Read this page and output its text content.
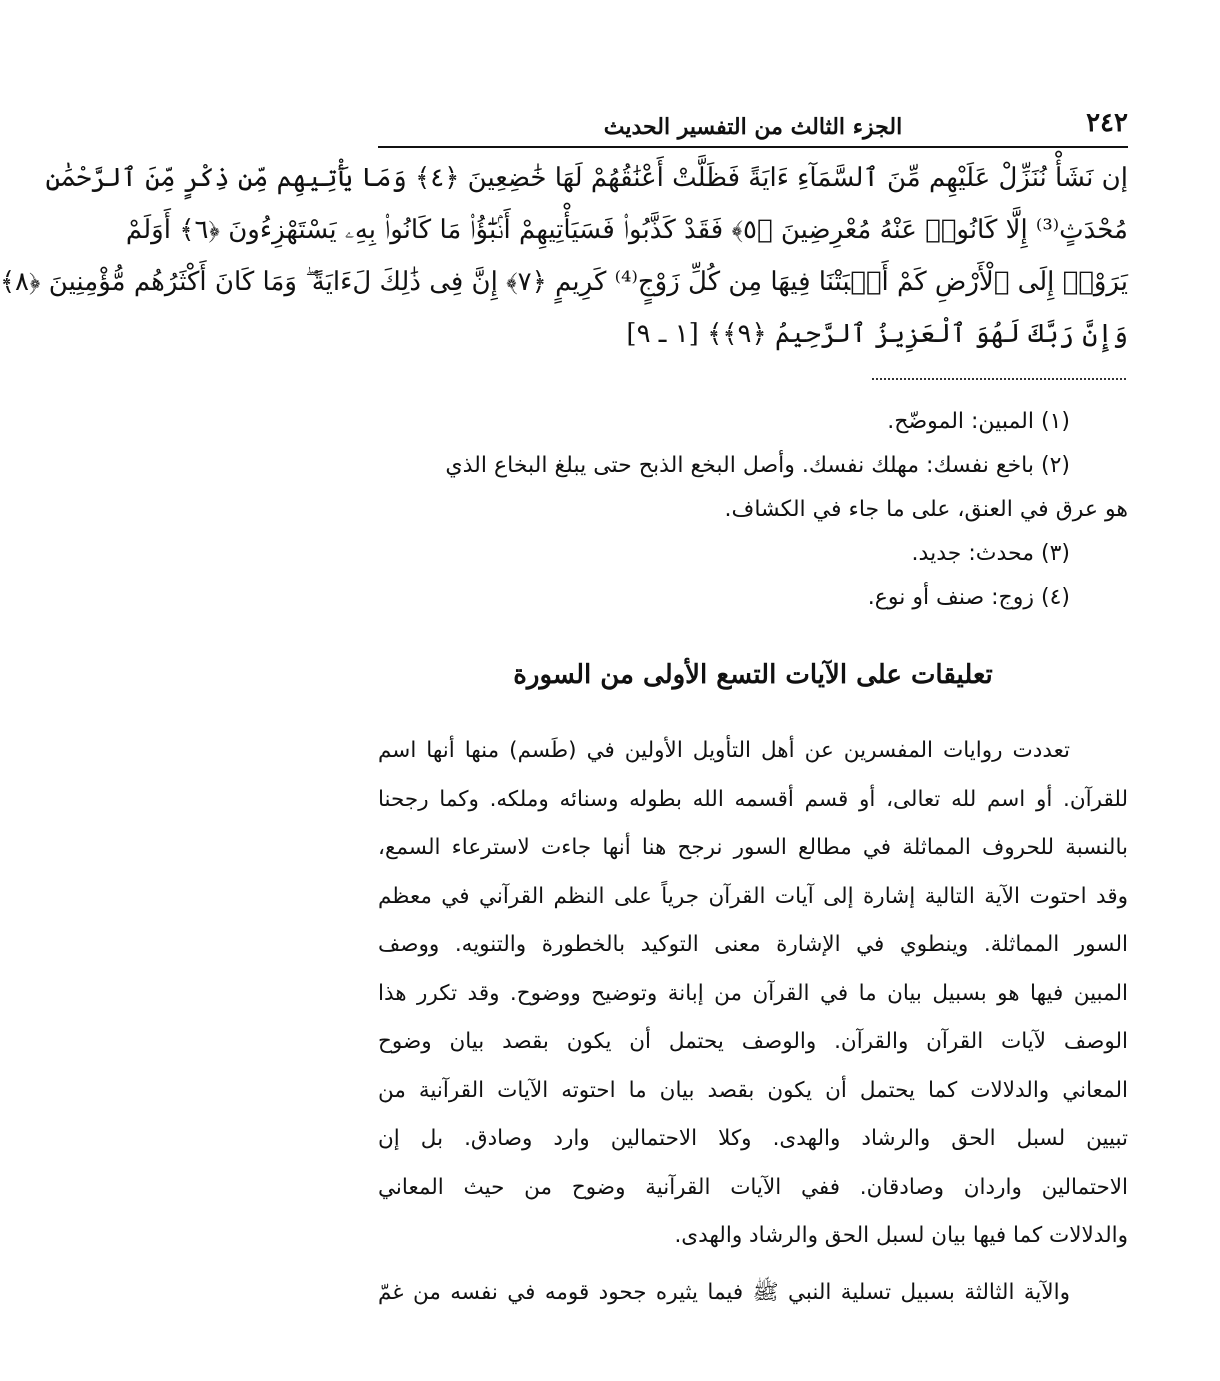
٢٤٢
الجزء الثالث من التفسير الحديث
إن نَشَأْ نُنَزِّلْ عَلَيْهِم مِّنَ ٱلسَّمَآءِ ءَايَةً فَظَلَّتْ أَعْنَٰقُهُمْ لَهَا خَٰضِعِينَ ﴿٤﴾ وَمَا يَأْتِيهِم مِّن ذِكْرٍ مِّنَ ٱلرَّحْمَٰنِ
مُحْدَثٍ⁽³⁾ إِلَّا كَانُوا۟ عَنْهُ مُعْرِضِينَ ﴿٥﴾ فَقَدْ كَذَّبُوا۟ فَسَيَأْتِيهِمْ أَنۢبَٰٓؤُا۟ مَا كَانُوا۟ بِهِۦ يَسْتَهْزِءُونَ ﴿٦﴾ أَوَلَمْ
يَرَوْا۟ إِلَى ٱلْأَرْضِ كَمْ أَنۢبَتْنَا فِيهَا مِن كُلِّ زَوْجٍ⁽⁴⁾ كَرِيمٍ ﴿٧﴾ إِنَّ فِى ذَٰلِكَ لَءَايَةً ۖ وَمَا كَانَ أَكْثَرُهُم مُّؤْمِنِينَ ﴿٨﴾
وَإِنَّ رَبَّكَ لَهُوَ ٱلْعَزِيزُ ٱلرَّحِيمُ ﴿٩﴾﴾ [١ ـ ٩]
(١) المبين: الموضّح.
(٢) باخع نفسك: مهلك نفسك. وأصل البخع الذبح حتى يبلغ البخاع الذي
هو عرق في العنق، على ما جاء في الكشاف.
(٣) محدث: جديد.
(٤) زوج: صنف أو نوع.
تعليقات على الآيات التسع الأولى من السورة
تعددت روايات المفسرين عن أهل التأويل الأولين في (طَسم) منها أنها اسم
للقرآن. أو اسم لله تعالى، أو قسم أقسمه الله بطوله وسنائه وملكه. وكما رجحنا
بالنسبة للحروف المماثلة في مطالع السور نرجح هنا أنها جاءت لاسترعاء السمع،
وقد احتوت الآية التالية إشارة إلى آيات القرآن جرياً على النظم القرآني في معظم
السور المماثلة. وينطوي في الإشارة معنى التوكيد بالخطورة والتنويه. ووصف
المبين فيها هو بسبيل بيان ما في القرآن من إبانة وتوضيح ووضوح. وقد تكرر هذا
الوصف لآيات القرآن والقرآن. والوصف يحتمل أن يكون بقصد بيان وضوح
المعاني والدلالات كما يحتمل أن يكون بقصد بيان ما احتوته الآيات القرآنية من
تبيين لسبل الحق والرشاد والهدى. وكلا الاحتمالين وارد وصادق. بل إن
الاحتمالين واردان وصادقان. ففي الآيات القرآنية وضوح من حيث المعاني
والدلالات كما فيها بيان لسبل الحق والرشاد والهدى.
والآية الثالثة بسبيل تسلية النبي ﷺ فيما يثيره جحود قومه في نفسه من غمّ
